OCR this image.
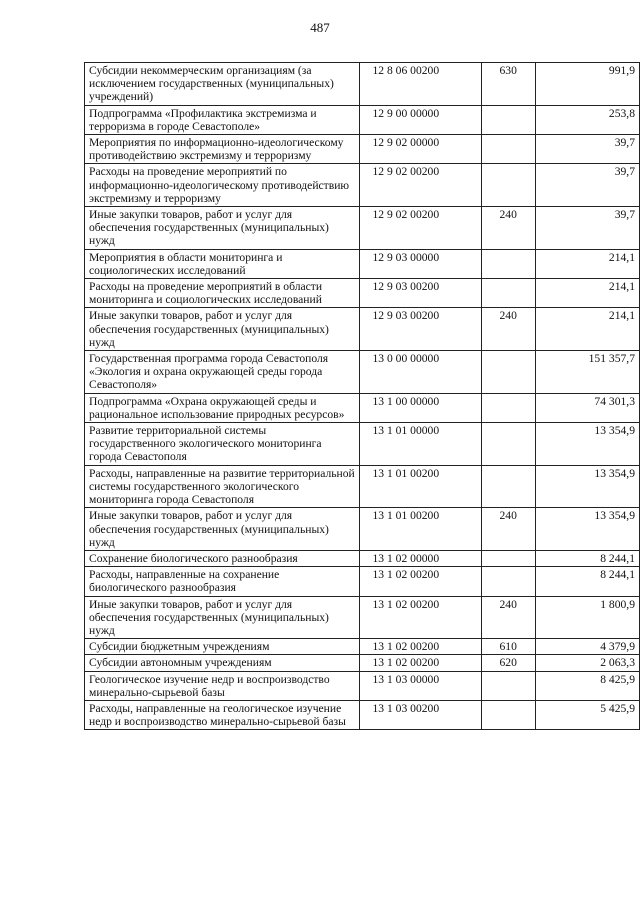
487
Субсидии некоммерческим организациям (за исключением государственных (муниципальных) учреждений)	12 8 06 00200	630	991,9
Подпрограмма «Профилактика экстремизма и терроризма в городе Севастополе»	12 9 00 00000		253,8
Мероприятия по информационно-идеологическому противодействию экстремизму и терроризму	12 9 02 00000		39,7
Расходы на проведение мероприятий по информационно-идеологическому противодействию экстремизму и терроризму	12 9 02 00200		39,7
Иные закупки товаров, работ и услуг для обеспечения государственных (муниципальных) нужд	12 9 02 00200	240	39,7
Мероприятия в области мониторинга и социологических исследований	12 9 03 00000		214,1
Расходы на проведение мероприятий в области мониторинга и социологических исследований	12 9 03 00200		214,1
Иные закупки товаров, работ и услуг для обеспечения государственных (муниципальных) нужд	12 9 03 00200	240	214,1
Государственная программа города Севастополя «Экология и охрана окружающей среды города Севастополя»	13 0 00 00000		151 357,7
Подпрограмма «Охрана окружающей среды и рациональное использование природных ресурсов»	13 1 00 00000		74 301,3
Развитие территориальной системы государственного экологического мониторинга города Севастополя	13 1 01 00000		13 354,9
Расходы, направленные на развитие территориальной системы государственного экологического мониторинга города Севастополя	13 1 01 00200		13 354,9
Иные закупки товаров, работ и услуг для обеспечения государственных (муниципальных) нужд	13 1 01 00200	240	13 354,9
Сохранение биологического разнообразия	13 1 02 00000		8 244,1
Расходы, направленные на сохранение биологического разнообразия	13 1 02 00200		8 244,1
Иные закупки товаров, работ и услуг для обеспечения государственных (муниципальных) нужд	13 1 02 00200	240	1 800,9
Субсидии бюджетным учреждениям	13 1 02 00200	610	4 379,9
Субсидии автономным учреждениям	13 1 02 00200	620	2 063,3
Геологическое изучение недр и воспроизводство минерально-сырьевой базы	13 1 03 00000		8 425,9
Расходы, направленные на геологическое изучение недр и воспроизводство минерально-сырьевой базы	13 1 03 00200		5 425,9
